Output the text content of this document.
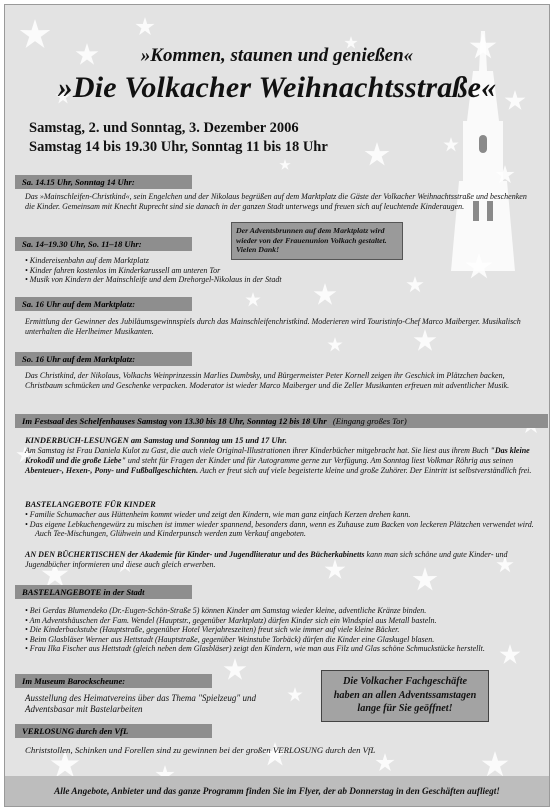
»Kommen, staunen und genießen«
»Die Volkacher Weihnachtsstraße«
Samstag, 2. und Sonntag, 3. Dezember 2006
Samstag 14 bis 19.30 Uhr, Sonntag 11 bis 18 Uhr
Sa. 14.15 Uhr, Sonntag 14 Uhr:
Das »Mainschleifen-Christkind«, sein Engelchen und der Nikolaus begrüßen auf dem Marktplatz die Gäste der Volkacher Weihnachtsstraße und beschenken die Kinder. Gemeinsam mit Knecht Ruprecht sind sie danach in der ganzen Stadt unterwegs und freuen sich auf leuchtende Kinderaugen.
Der Adventsbrunnen auf dem Marktplatz wird wieder von der Frauenunion Volkach gestaltet. Vielen Dank!
Sa. 14–19.30 Uhr, So. 11–18 Uhr:
• Kindereisenbahn auf dem Marktplatz
• Kinder fahren kostenlos im Kinderkarussell am unteren Tor
• Musik von Kindern der Mainschleife und dem Drehorgel-Nikolaus in der Stadt
Sa. 16 Uhr auf dem Marktplatz:
Ermittlung der Gewinner des Jubiläumsgewinnspiels durch das Mainschleifenchristkind. Moderieren wird Touristinfo-Chef Marco Maiberger. Musikalisch unterhalten die Herlheimer Musikanten.
So. 16 Uhr auf dem Marktplatz:
Das Christkind, der Nikolaus, Volkachs Weinprinzessin Marlies Dumbsky, und Bürgermeister Peter Kornell zeigen ihr Geschick im Plätzchen backen, Christbaum schmücken und Geschenke verpacken. Moderator ist wieder Marco Maiberger und die Zeller Musikanten erfreuen mit adventlicher Musik.
Im Festsaal des Schelfenhauses Samstag von 13.30 bis 18 Uhr, Sonntag 12 bis 18 Uhr (Eingang großes Tor)
KINDERBUCH-LESUNGEN am Samstag und Sonntag um 15 und 17 Uhr.
Am Samstag ist Frau Daniela Kulot zu Gast, die auch viele Original-Illustrationen ihrer Kinderbücher mitgebracht hat. Sie liest aus ihrem Buch "Das kleine Krokodil und die große Liebe" und steht für Fragen der Kinder und für Autogramme gerne zur Verfügung. Am Sonntag liest Volkmar Röhrig aus seinen Abenteuer-, Hexen-, Pony- und Fußballgeschichten. Auch er freut sich auf viele begeisterte kleine und große Zuhörer. Der Eintritt ist selbstverständlich frei.
BASTELANGEBOTE FÜR KINDER
• Familie Schumacher aus Hüttenheim kommt wieder und zeigt den Kindern, wie man ganz einfach Kerzen drehen kann.
• Das eigene Lebkuchengewürz zu mischen ist immer wieder spannend, besonders dann, wenn es Zuhause zum Backen von leckeren Plätzchen verwendet wird. Auch Tee-Mischungen, Glühwein und Kinderpunsch werden zum Verkauf angeboten.
AN DEN BÜCHERTISCHEN der Akademie für Kinder- und Jugendliteratur und des Bücherkabinetts kann man sich schöne und gute Kinder- und Jugendbücher informieren und diese auch gleich erwerben.
BASTELANGEBOTE in der Stadt
• Bei Gerdas Blumendeko (Dr.-Eugen-Schön-Straße 5) können Kinder am Samstag wieder kleine, adventliche Kränze binden.
• Am Adventshäuschen der Fam. Wendel (Hauptstr., gegenüber Marktplatz) dürfen Kinder sich ein Windspiel aus Metall basteln.
• Die Kinderbackstube (Hauptstraße, gegenüber Hotel Vierjahreszeiten) freut sich wie immer auf viele kleine Bäcker.
• Beim Glasbläser Werner aus Hettstadt (Hauptstraße, gegenüber Weinstube Torbäck) dürfen die Kinder eine Glaskugel blasen.
• Frau Ilka Fischer aus Hettstadt (gleich neben dem Glasbläser) zeigt den Kindern, wie man aus Filz und Glas schöne Schmuckstücke herstellt.
Im Museum Barockscheune:
Ausstellung des Heimatvereins über das Thema "Spielzeug" und Adventsbasar mit Bastelarbeiten
Die Volkacher Fachgeschäfte
haben an allen Adventssamstagen
lange für Sie geöffnet!
VERLOSUNG durch den VfL
Christstollen, Schinken und Forellen sind zu gewinnen bei der großen VERLOSUNG durch den VfL
Alle Angebote, Anbieter und das ganze Programm finden Sie im Flyer, der ab Donnerstag in den Geschäften aufliegt!
